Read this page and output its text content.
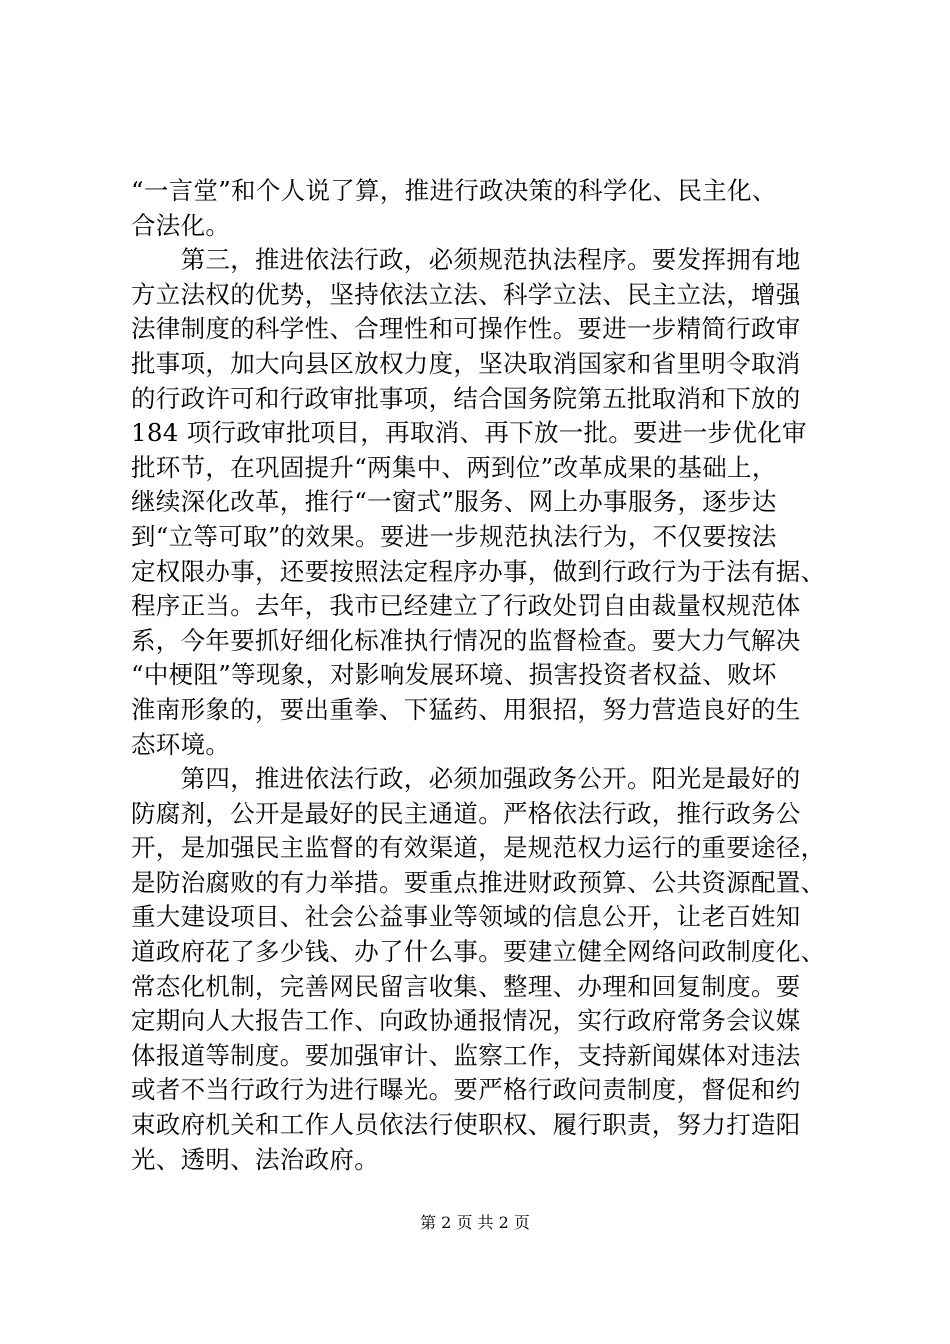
“一言堂”和个人说了算，推进行政决策的科学化、民主化、
合法化。
　　第三，推进依法行政，必须规范执法程序。要发挥拥有地
方立法权的优势，坚持依法立法、科学立法、民主立法，增强
法律制度的科学性、合理性和可操作性。要进一步精简行政审
批事项，加大向县区放权力度，坚决取消国家和省里明令取消
的行政许可和行政审批事项，结合国务院第五批取消和下放的
184 项行政审批项目，再取消、再下放一批。要进一步优化审
批环节，在巩固提升“两集中、两到位”改革成果的基础上，
继续深化改革，推行“一窗式”服务、网上办事服务，逐步达
到“立等可取”的效果。要进一步规范执法行为，不仅要按法
定权限办事，还要按照法定程序办事，做到行政行为于法有据、
程序正当。去年，我市已经建立了行政处罚自由裁量权规范体
系，今年要抓好细化标准执行情况的监督检查。要大力气解决
“中梗阻”等现象，对影响发展环境、损害投资者权益、败坏
淮南形象的，要出重拳、下猛药、用狠招，努力营造良好的生
态环境。
　　第四，推进依法行政，必须加强政务公开。阳光是最好的
防腐剂，公开是最好的民主通道。严格依法行政，推行政务公
开，是加强民主监督的有效渠道，是规范权力运行的重要途径，
是防治腐败的有力举措。要重点推进财政预算、公共资源配置、
重大建设项目、社会公益事业等领域的信息公开，让老百姓知
道政府花了多少钱、办了什么事。要建立健全网络问政制度化、
常态化机制，完善网民留言收集、整理、办理和回复制度。要
定期向人大报告工作、向政协通报情况，实行政府常务会议媒
体报道等制度。要加强审计、监察工作，支持新闻媒体对违法
或者不当行政行为进行曝光。要严格行政问责制度，督促和约
束政府机关和工作人员依法行使职权、履行职责，努力打造阳
光、透明、法治政府。
第 2 页 共 2 页
